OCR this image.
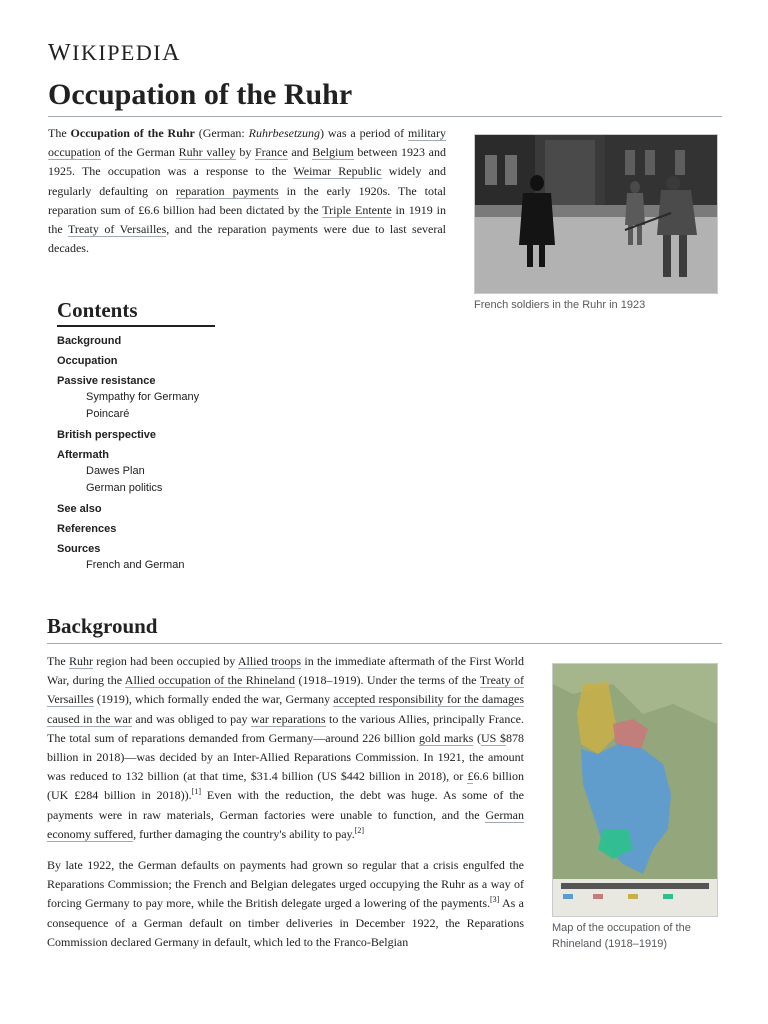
WIKIPEDIA
Occupation of the Ruhr

The Occupation of the Ruhr (German: Ruhrbesetzung) was a period of military occupation of the German Ruhr valley by France and Belgium between 1923 and 1925. The occupation was a response to the Weimar Republic widely and regularly defaulting on reparation payments in the early 1920s. The total reparation sum of £6.6 billion had been dictated by the Triple Entente in 1919 in the Treaty of Versailles, and the reparation payments were due to last several decades.

French soldiers in the Ruhr in 1923
Contents
Background
Occupation
Passive resistance
Sympathy for Germany
Poincaré
British perspective
Aftermath
Dawes Plan
German politics
See also
References
Sources
French and German
Background

The Ruhr region had been occupied by Allied troops in the immediate aftermath of the First World War, during the Allied occupation of the Rhineland (1918–1919). Under the terms of the Treaty of Versailles (1919), which formally ended the war, Germany accepted responsibility for the damages caused in the war and was obliged to pay war reparations to the various Allies, principally France. The total sum of reparations demanded from Germany—around 226 billion gold marks (US $878 billion in 2018)—was decided by an Inter-Allied Reparations Commission. In 1921, the amount was reduced to 132 billion (at that time, $31.4 billion (US $442 billion in 2018), or £6.6 billion (UK £284 billion in 2018)).[1] Even with the reduction, the debt was huge. As some of the payments were in raw materials, German factories were unable to function, and the German economy suffered, further damaging the country's ability to pay.[2]

By late 1922, the German defaults on payments had grown so regular that a crisis engulfed the Reparations Commission; the French and Belgian delegates urged occupying the Ruhr as a way of forcing Germany to pay more, while the British delegate urged a lowering of the payments.[3] As a consequence of a German default on timber deliveries in December 1922, the Reparations Commission declared Germany in default, which led to the Franco-Belgian

Map of the occupation of the Rhineland (1918–1919)
